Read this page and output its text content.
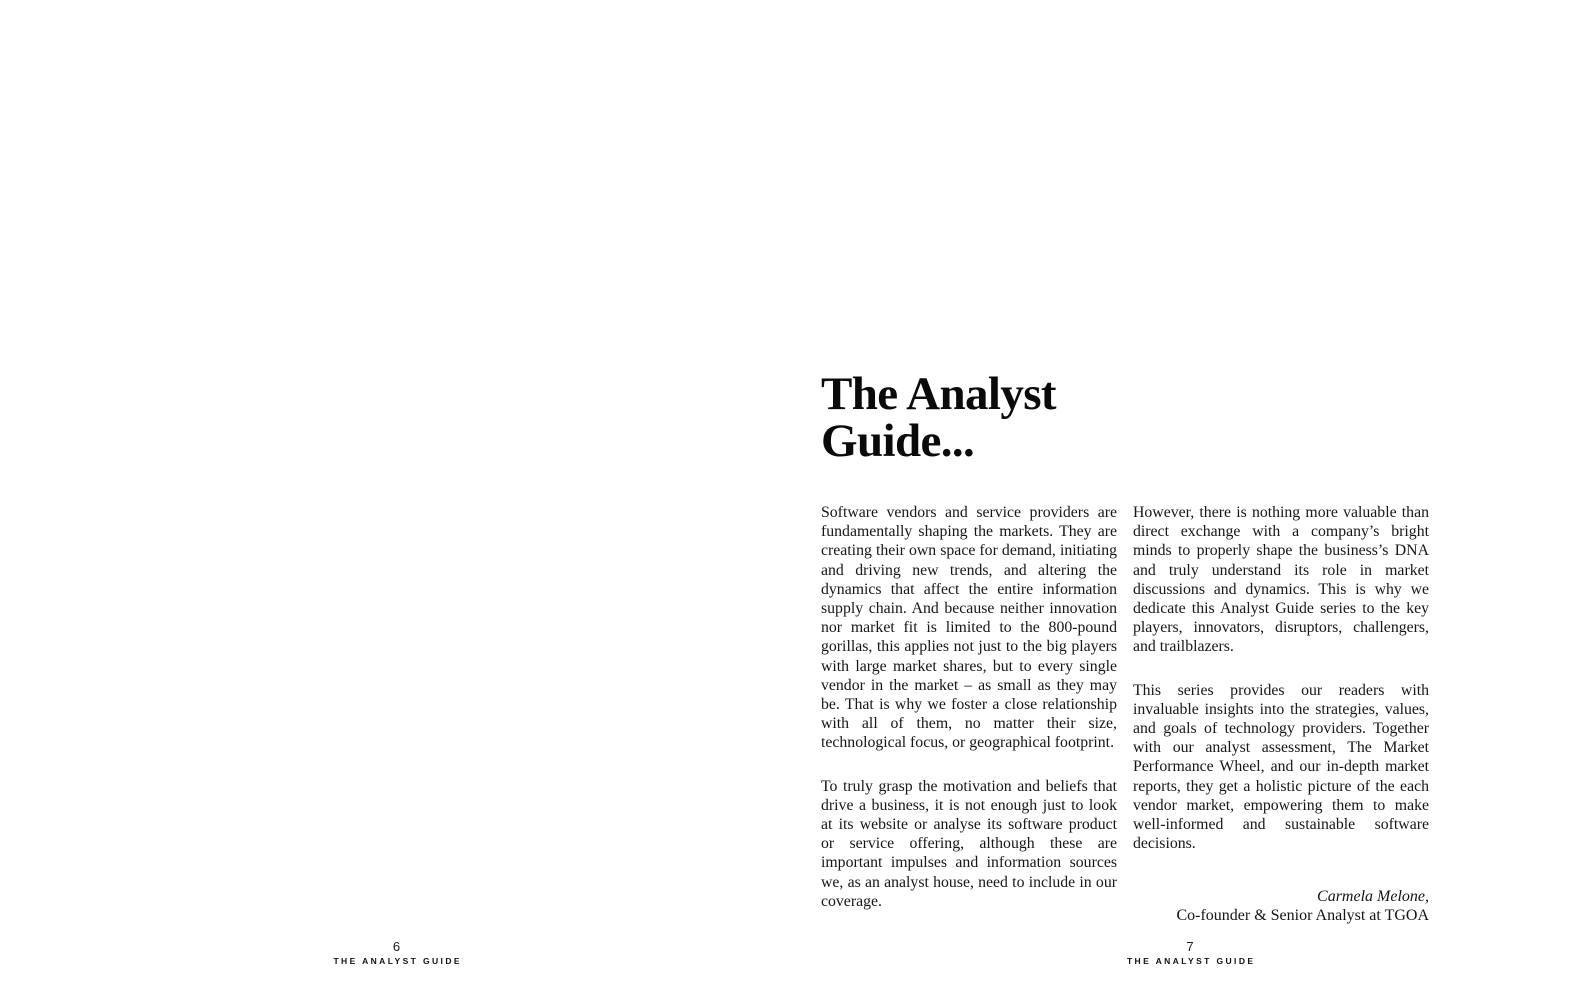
6
THE ANALYST GUIDE
The Analyst
Guide...

Software vendors and service providers are fundamentally shaping the markets. They are creating their own space for demand, initiating and driving new trends, and altering the dynamics that affect the entire information supply chain. And because neither innovation nor market fit is limited to the 800-pound gorillas, this applies not just to the big players with large market shares, but to every single vendor in the market – as small as they may be. That is why we foster a close relationship with all of them, no matter their size, technological focus, or geographical footprint.

To truly grasp the motivation and beliefs that drive a business, it is not enough just to look at its website or analyse its software product or service offering, although these are important impulses and information sources we, as an analyst house, need to include in our coverage.

However, there is nothing more valuable than direct exchange with a company’s bright minds to properly shape the business’s DNA and truly understand its role in market discussions and dynamics. This is why we dedicate this Analyst Guide series to the key players, innovators, disruptors, challengers, and trailblazers.

This series provides our readers with invaluable insights into the strategies, values, and goals of technology providers. Together with our analyst assessment, The Market Performance Wheel, and our in-depth market reports, they get a holistic picture of the each vendor market, empowering them to make well-informed and sustainable software decisions.

Carmela Melone,
Co-founder & Senior Analyst at TGOA
7
THE ANALYST GUIDE
